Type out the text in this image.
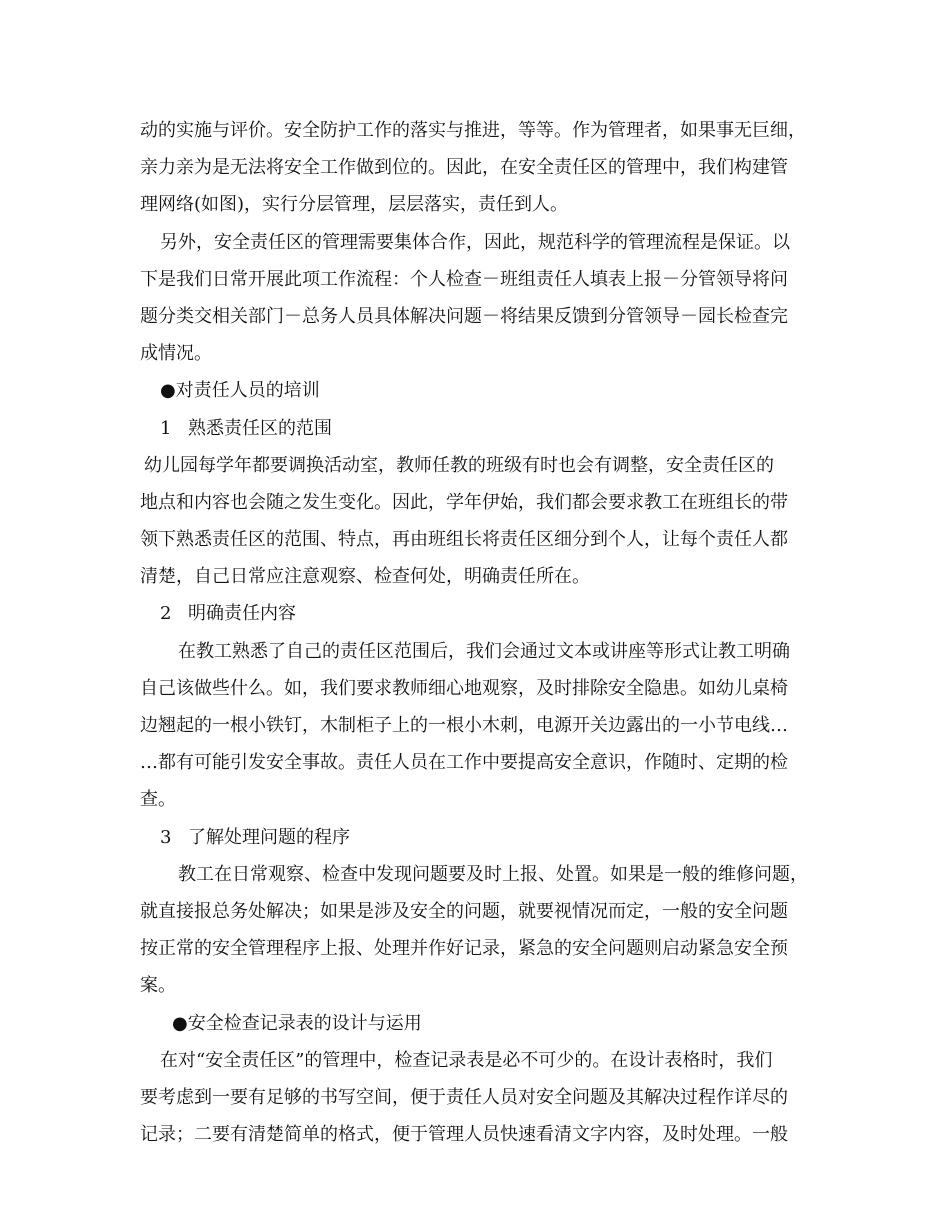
动的实施与评价。安全防护工作的落实与推进，等等。作为管理者，如果事无巨细，
亲力亲为是无法将安全工作做到位的。因此，在安全责任区的管理中，我们构建管
理网络(如图)，实行分层管理，层层落实，责任到人。
另外，安全责任区的管理需要集体合作，因此，规范科学的管理流程是保证。以
下是我们日常开展此项工作流程：个人检查－班组责任人填表上报－分管领导将问
题分类交相关部门－总务人员具体解决问题－将结果反馈到分管领导－园长检查完
成情况。
●对责任人员的培训
1 熟悉责任区的范围
幼儿园每学年都要调换活动室，教师任教的班级有时也会有调整，安全责任区的
地点和内容也会随之发生变化。因此，学年伊始，我们都会要求教工在班组长的带
领下熟悉责任区的范围、特点，再由班组长将责任区细分到个人，让每个责任人都
清楚，自己日常应注意观察、检查何处，明确责任所在。
2 明确责任内容
在教工熟悉了自己的责任区范围后，我们会通过文本或讲座等形式让教工明确
自己该做些什么。如，我们要求教师细心地观察，及时排除安全隐患。如幼儿桌椅
边翘起的一根小铁钉，木制柜子上的一根小木刺，电源开关边露出的一小节电线…
…都有可能引发安全事故。责任人员在工作中要提高安全意识，作随时、定期的检
查。
3 了解处理问题的程序
教工在日常观察、检查中发现问题要及时上报、处置。如果是一般的维修问题，
就直接报总务处解决；如果是涉及安全的问题，就要视情况而定，一般的安全问题
按正常的安全管理程序上报、处理并作好记录，紧急的安全问题则启动紧急安全预
案。
●安全检查记录表的设计与运用
在对“安全责任区”的管理中，检查记录表是必不可少的。在设计表格时，我们
要考虑到一要有足够的书写空间，便于责任人员对安全问题及其解决过程作详尽的
记录；二要有清楚简单的格式，便于管理人员快速看清文字内容，及时处理。一般
